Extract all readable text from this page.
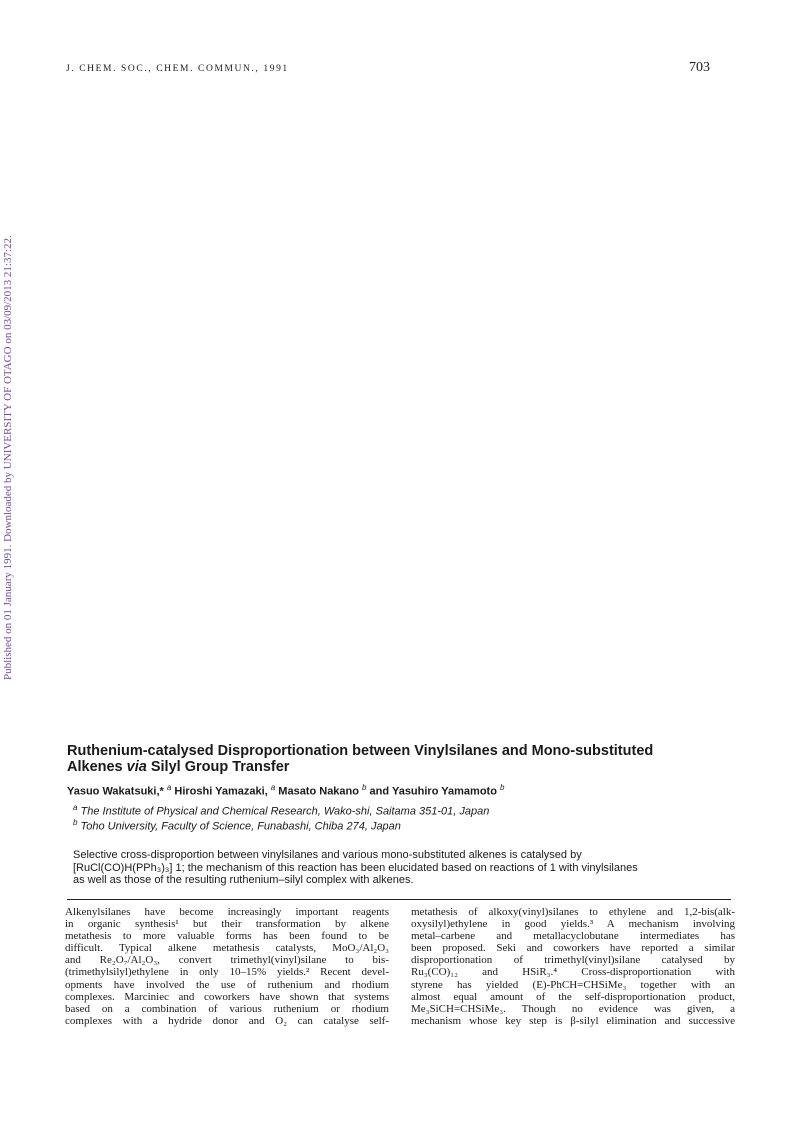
J. CHEM. SOC., CHEM. COMMUN., 1991	703
Published on 01 January 1991. Downloaded by UNIVERSITY OF OTAGO on 03/09/2013 21:37:22.
Ruthenium-catalysed Disproportionation between Vinylsilanes and Mono-substituted
Alkenes via Silyl Group Transfer
Yasuo Wakatsuki,* $^a$ Hiroshi Yamazaki, $^a$ Masato Nakano $^b$ and Yasuhiro Yamamoto $^b$
$^a$ The Institute of Physical and Chemical Research, Wako-shi, Saitama 351-01, Japan
$^b$ Toho University, Faculty of Science, Funabashi, Chiba 274, Japan
Selective cross-disproportion between vinylsilanes and various mono-substituted alkenes is catalysed by
[RuCl(CO)H(PPh₃)₃] 1; the mechanism of this reaction has been elucidated based on reactions of 1 with vinylsilanes
as well as those of the resulting ruthenium–silyl complex with alkenes.
Alkenylsilanes have become increasingly important reagents
in organic synthesis¹ but their transformation by alkene
metathesis to more valuable forms has been found to be
difficult. Typical alkene metathesis catalysts, MoO₃/Al₂O₃
and Re₂O₇/Al₂O₃, convert trimethyl(vinyl)silane to bis-
(trimethylsilyl)ethylene in only 10–15% yields.² Recent devel-
opments have involved the use of ruthenium and rhodium
complexes. Marciniec and coworkers have shown that systems
based on a combination of various ruthenium or rhodium
complexes with a hydride donor and O₂ can catalyse self-
metathesis of alkoxy(vinyl)silanes to ethylene and 1,2-bis(alk-
oxysilyl)ethylene in good yields.³ A mechanism involving
metal–carbene and metallacyclobutane intermediates has
been proposed. Seki and coworkers have reported a similar
disproportionation of trimethyl(vinyl)silane catalysed by
Ru₃(CO)₁₂ and HSiR₃.⁴ Cross-disproportionation with
styrene has yielded (E)-PhCH=CHSiMe₃ together with an
almost equal amount of the self-disproportionation product,
Me₃SiCH=CHSiMe₃. Though no evidence was given, a
mechanism whose key step is β-silyl elimination and successive
